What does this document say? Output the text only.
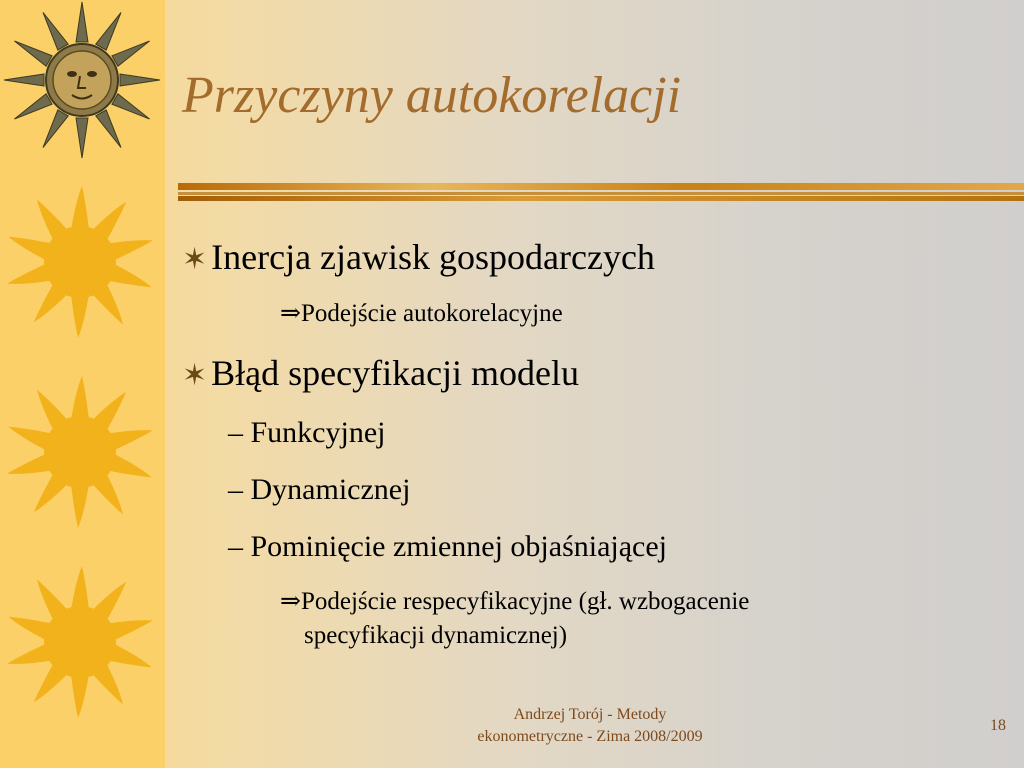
Przyczyny autokorelacji
✶ Inercja zjawisk gospodarczych
⇒Podejście autokorelacyjne
✶ Błąd specyfikacji modelu
– Funkcyjnej
– Dynamicznej
– Pominięcie zmiennej objaśniającej
⇒Podejście respecyfikacyjne (gł. wzbogacenie
specyfikacji dynamicznej)
Andrzej Torój - Metody
ekonometryczne - Zima 2008/2009
18
